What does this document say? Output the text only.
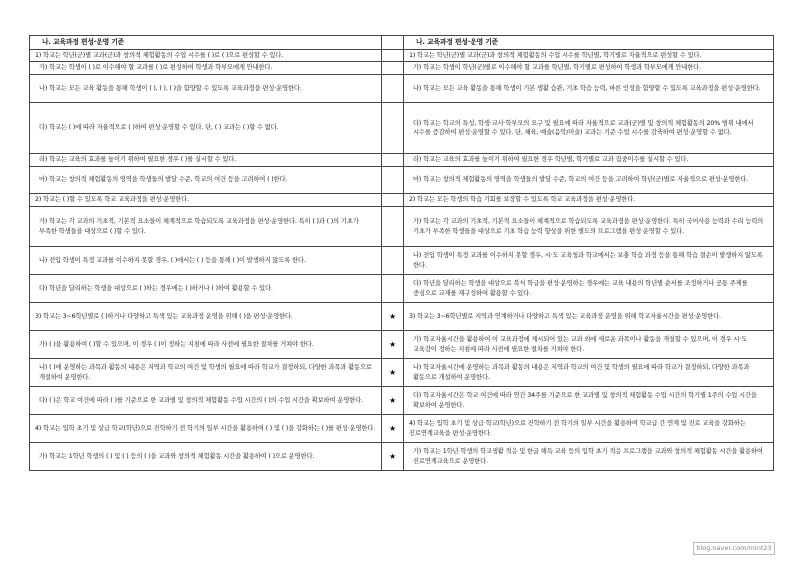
나. 교육과정 편성·운영 기준		나. 교육과정 편성·운영 기준
1) 학교는 학년(군)별 교과(군)과 창의적 체험활동의 수업 시수를 ( )로 ( )으로 편성할 수 있다.		1) 학교는 학년(군)별 교과(군)과 창의적 체험활동의 수업 시수를 학년별, 학기별로 자율적으로 편성할 수 있다.
가) 학교는 학생이 ( )로 이수해야 할 교과를 ( )로 편성하여 학생과 학부모에게 안내한다.		가) 학교는 학생이 학년(군)별로 이수해야 할 교과를 학년별, 학기별로 편성하여 학생과 학부모에게 안내한다.
나) 학교는 모든 교육 활동을 통해 학생이 ( ), ( ), ( )을 함양할 수 있도록 교육과정을 편성·운영한다.		나) 학교는 모든 교육 활동을 통해 학생이 기본 생활 습관, 기초 학습 능력, 바른 인성을 함양할 수 있도록 교육과정을 편성·운영한다.
다) 학교는 ( )에 따라 자율적으로 ( )하여 편성·운영할 수 있다. 단, ( ) 교과는 ( )할 수 없다.		다) 학교는 학교의 특성, 학생·교사·학부모의 요구 및 필요에 따라 자율적으로 교과(군)별 및 창의적 체험활동의 20% 범위 내에서 시수를 증감하여 편성·운영할 수 있다. 단, 체육, 예술(음악/미술) 교과는 기준 수업 시수를 감축하여 편성·운영할 수 없다.
라) 학교는 교육의 효과를 높이기 위하여 필요한 경우 ( )를 실시할 수 있다.		라) 학교는 교육의 효과를 높이기 위하여 필요한 경우 학년별, 학기별로 교과 집중이수를 실시할 수 있다.
마) 학교는 창의적 체험활동의 영역을 학생들의 발달 수준, 학교의 여건 등을 고려하여 ( )한다.		마) 학교는 창의적 체험활동의 영역을 학생들의 발달 수준, 학교의 여건 등을 고려하여 학년(군)별로 자율적으로 편성·운영한다.
2) 학교는 ( )할 수 있도록 학교 교육과정을 편성·운영한다.		2) 학교는 모든 학생의 학습 기회를 보장할 수 있도록 학교 교육과정을 편성·운영한다.
가) 학교는 각 교과의 기초적, 기본적 요소들이 체계적으로 학습되도록 교육과정을 편성·운영한다. 특히 ( )과 ( )의 기초가 부족한 학생들을 대상으로 ( )할 수 있다.		가) 학교는 각 교과의 기초적, 기본적 요소들이 체계적으로 학습되도록 교육과정을 편성·운영한다. 특히 국어사용 능력과 수리 능력의 기초가 부족한 학생들을 대상으로 기초 학습 능력 향상을 위한 별도의 프로그램을 편성·운영할 수 있다.
나) 전입 학생이 특정 교과를 이수하지 못할 경우, ( )에서는 ( ) 등을 통해 ( )이 발생하지 않도록 한다.		나) 전입 학생이 특정 교과를 이수하지 못할 경우, 시·도 교육청과 학교에서는 보충 학습 과정 등을 통해 학습 결손이 발생하지 않도록 한다.
다) 학년을 달리하는 학생을 대상으로 ( )하는 경우에는 ( )하거나 ( )하여 활용할 수 있다.		다) 학년을 달리하는 학생을 대상으로 복식 학급을 편성·운영하는 경우에는 교육 내용의 학년별 순서를 조정하거나 공통 주제를 중심으로 교재를 재구성하여 활용할 수 있다.
3) 학교는 3~6학년별로 ( )하거나 다양하고 특색 있는 교육과정 운영을 위해 ( )을 편성·운영한다.	★	3) 학교는 3~6학년별로 지역과 연계하거나 다양하고 특색 있는 교육과정 운영을 위해 학교자율시간을 편성·운영한다.
가) ( )을 활용하여 ( )할 수 있으며, 이 경우 ( )이 정하는 지침에 따라 사전에 필요한 절차를 거쳐야 한다.	★	가) 학교자율시간을 활용하여 이 교육과정에 제시되어 있는 교과 외에 새로운 과목이나 활동을 개설할 수 있으며, 이 경우 시·도 교육감이 정하는 지침에 따라 사전에 필요한 절차를 거쳐야 한다.
나) ( )에 운영하는 과목과 활동의 내용은 지역과 학교의 여건 및 학생의 필요에 따라 학교가 결정하되, 다양한 과목과 활동으로 개설하여 운영한다.	★	나) 학교자율시간에 운영하는 과목과 활동의 내용은 지역과 학교의 여건 및 학생의 필요에 따라 학교가 결정하되, 다양한 과목과 활동으로 개설하여 운영한다.
다) ( )은 학교 여건에 따라 ( )를 기준으로 한 교과별 및 창의적 체험활동 수업 시간의 ( )의 수업 시간을 확보하여 운영한다.	★	다) 학교자율시간은 학교 여건에 따라 연간 34주를 기준으로 한 교과별 및 창의적 체험활동 수업 시간의 학기별 1주의 수업 시간을 확보하여 운영한다.
4) 학교는 입학 초기 및 상급 학교(학년)으로 진학하기 전 학기의 일부 시간을 활용하여 ( ) 및 ( )을 강화하는 ( )를 편성·운영한다.	★	4) 학교는 입학 초기 및 상급 학교(학년)으로 진학하기 전 학기의 일부 시간을 활용하여 학교급 간 연계 및 진로 교육을 강화하는 진로연계교육을 편성·운영한다.
가) 학교는 1학년 학생의 ( ) 및 ( ) 등의 ( )을 교과와 창의적 체험활동 시간을 활용하여 ( )으로 운영한다.	★	가) 학교는 1학년 학생의 학교생활 적응 및 한글 해득 교육 등의 입학 초기 적응 프로그램을 교과와 창의적 체험활동 시간을 활용하여 진로연계교육으로 운영한다.
blog.naver.com/mint23
